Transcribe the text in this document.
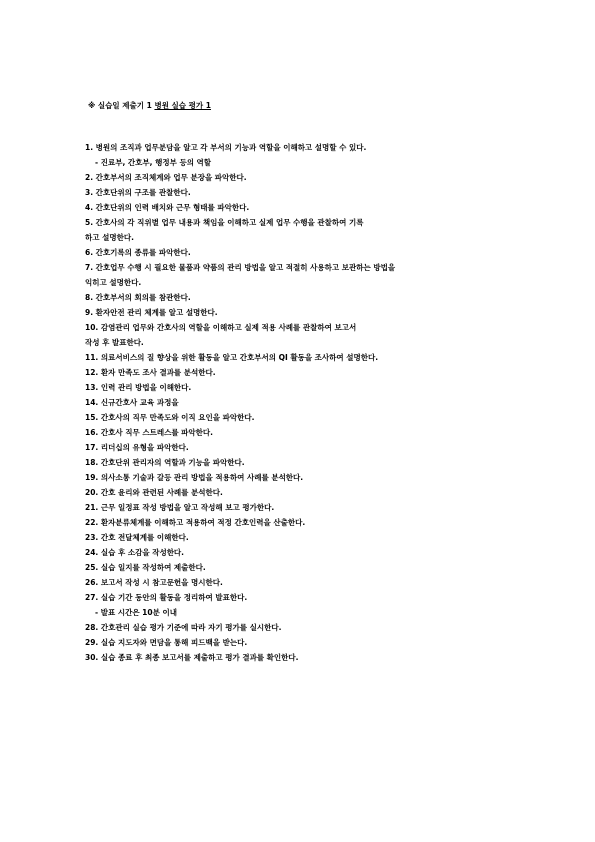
※ 실습일 제출기 1 병원 실습 평가 1
1. 병원의 조직과 업무분담을 알고 각 부서의 기능과 역할을 이해하고 설명할 수 있다.
- 진료부, 간호부, 행정부 등의 역할
2. 간호부서의 조직체계와 업무 분장을 파악한다.
3. 간호단위의 구조를 관찰한다.
4. 간호단위의 인력 배치와 근무 형태를 파악한다.
5. 간호사의 각 직위별 업무 내용과 책임을 이해하고 실제 업무 수행을 관찰하여 기록
하고 설명한다.
6. 간호기록의 종류를 파악한다.
7. 간호업무 수행 시 필요한 물품과 약품의 관리 방법을 알고 적절히 사용하고 보관하는 방법을
익히고 설명한다.
8. 간호부서의 회의를 참관한다.
9. 환자안전 관리 체계를 알고 설명한다.
10. 감염관리 업무와 간호사의 역할을 이해하고 실제 적용 사례를 관찰하여 보고서
작성 후 발표한다.
11. 의료서비스의 질 향상을 위한 활동을 알고 간호부서의 QI 활동을 조사하여 설명한다.
12. 환자 만족도 조사 결과를 분석한다.
13. 인력 관리 방법을 이해한다.
14. 신규간호사 교육 과정을
15. 간호사의 직무 만족도와 이직 요인을 파악한다.
16. 간호사 직무 스트레스를 파악한다.
17. 리더십의 유형을 파악한다.
18. 간호단위 관리자의 역할과 기능을 파악한다.
19. 의사소통 기술과 갈등 관리 방법을 적용하여 사례를 분석한다.
20. 간호 윤리와 관련된 사례를 분석한다.
21. 근무 일정표 작성 방법을 알고 작성해 보고 평가한다.
22. 환자분류체계를 이해하고 적용하여 적정 간호인력을 산출한다.
23. 간호 전달체계를 이해한다.
24. 실습 후 소감을 작성한다.
25. 실습 일지를 작성하여 제출한다.
26. 보고서 작성 시 참고문헌을 명시한다.
27. 실습 기간 동안의 활동을 정리하여 발표한다.
- 발표 시간은 10분 이내
28. 간호관리 실습 평가 기준에 따라 자기 평가를 실시한다.
29. 실습 지도자와 면담을 통해 피드백을 받는다.
30. 실습 종료 후 최종 보고서를 제출하고 평가 결과를 확인한다.
